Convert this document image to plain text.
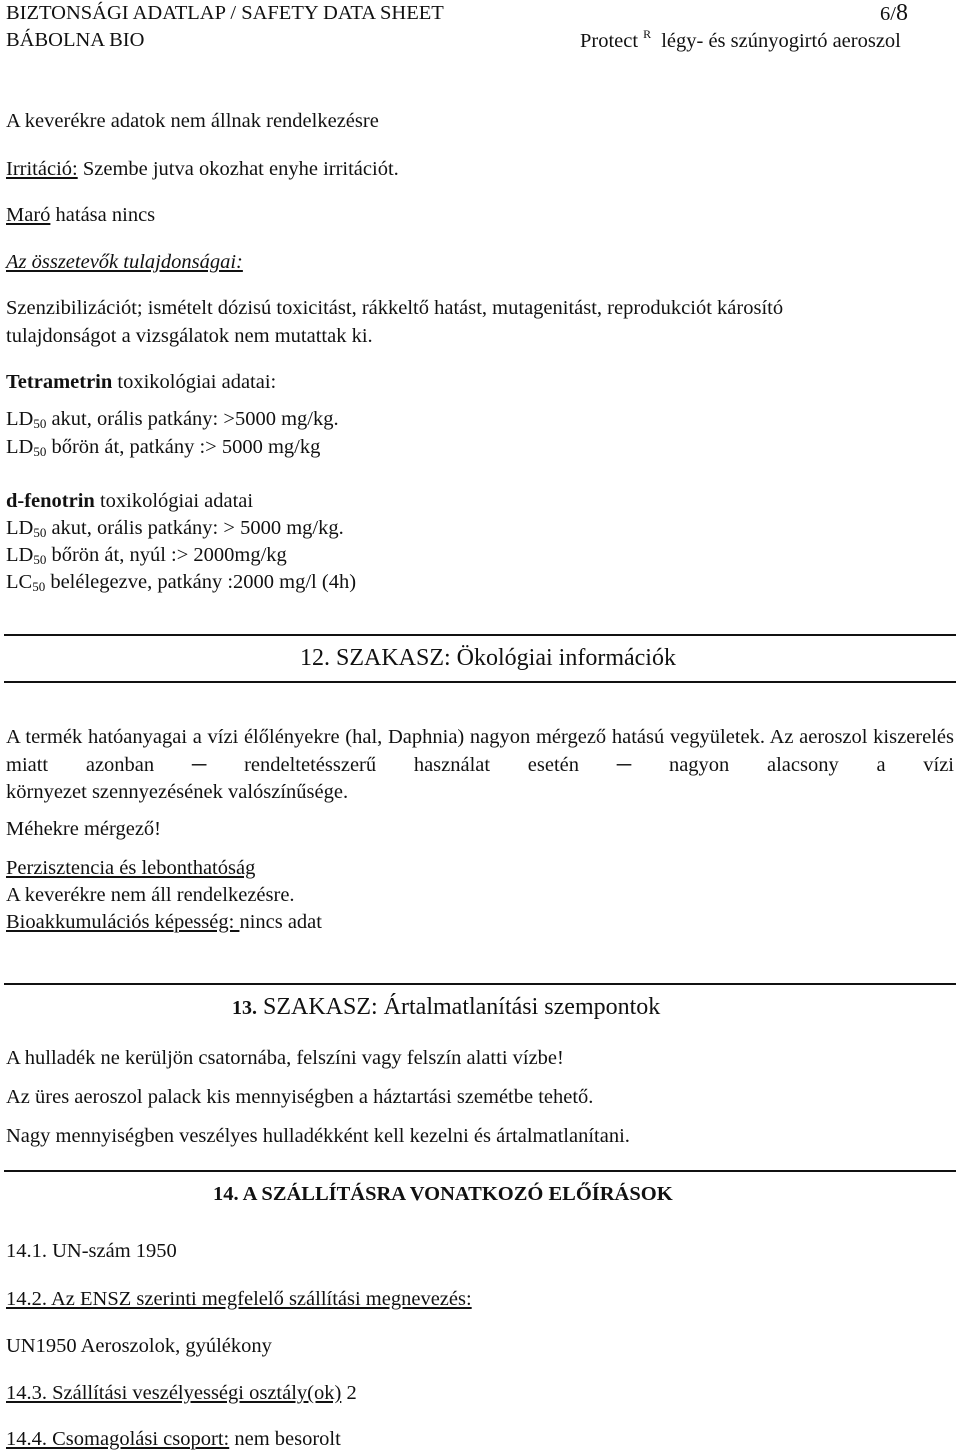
BIZTONSÁGI ADATLAP / SAFETY DATA SHEET	6/8
BÁBOLNA BIO	Protect R légy- és szúnyogirtó aeroszol
A keverékre adatok nem állnak rendelkezésre
Irritáció: Szembe jutva okozhat enyhe irritációt.
Maró hatása nincs
Az összetevők tulajdonságai:
Szenzibilizációt; ismételt dózisú toxicitást, rákkeltő hatást, mutagenitást, reprodukciót károsító
tulajdonságot a vizsgálatok nem mutattak ki.
Tetrametrin toxikológiai adatai:
$LD_{50}$ akut, orális patkány: >5000 mg/kg.
$LD_{50}$ bőrön át, patkány :> 5000 mg/kg
d-fenotrin toxikológiai adatai
$LD_{50}$ akut, orális patkány: > 5000 mg/kg.
$LD_{50}$ bőrön át, nyúl :> 2000mg/kg
$LC_{50}$ belélegezve, patkány :2000 mg/l (4h)
12. SZAKASZ: Ökológiai információk
A termék hatóanyagai a vízi élőlényekre (hal, Daphnia) nagyon mérgező hatású vegyületek. Az aeroszol kiszerelés miatt azonban ─ rendeltetésszerű használat esetén ─ nagyon alacsony a vízi
környezet szennyezésének valószínűsége.
Méhekre mérgező!
Perzisztencia és lebonthatóság
A keverékre nem áll rendelkezésre.
Bioakkumulációs képesség: nincs adat
13. SZAKASZ: Ártalmatlanítási szempontok
A hulladék ne kerüljön csatornába, felszíni vagy felszín alatti vízbe!
Az üres aeroszol palack kis mennyiségben a háztartási szemétbe tehető.
Nagy mennyiségben veszélyes hulladékként kell kezelni és ártalmatlanítani.
14. A SZÁLLÍTÁSRA VONATKOZÓ ELŐÍRÁSOK
14.1. UN-szám 1950
14.2. Az ENSZ szerinti megfelelő szállítási megnevezés:
UN1950 Aeroszolok, gyúlékony
14.3. Szállítási veszélyességi osztály(ok) 2
14.4. Csomagolási csoport: nem besorolt
